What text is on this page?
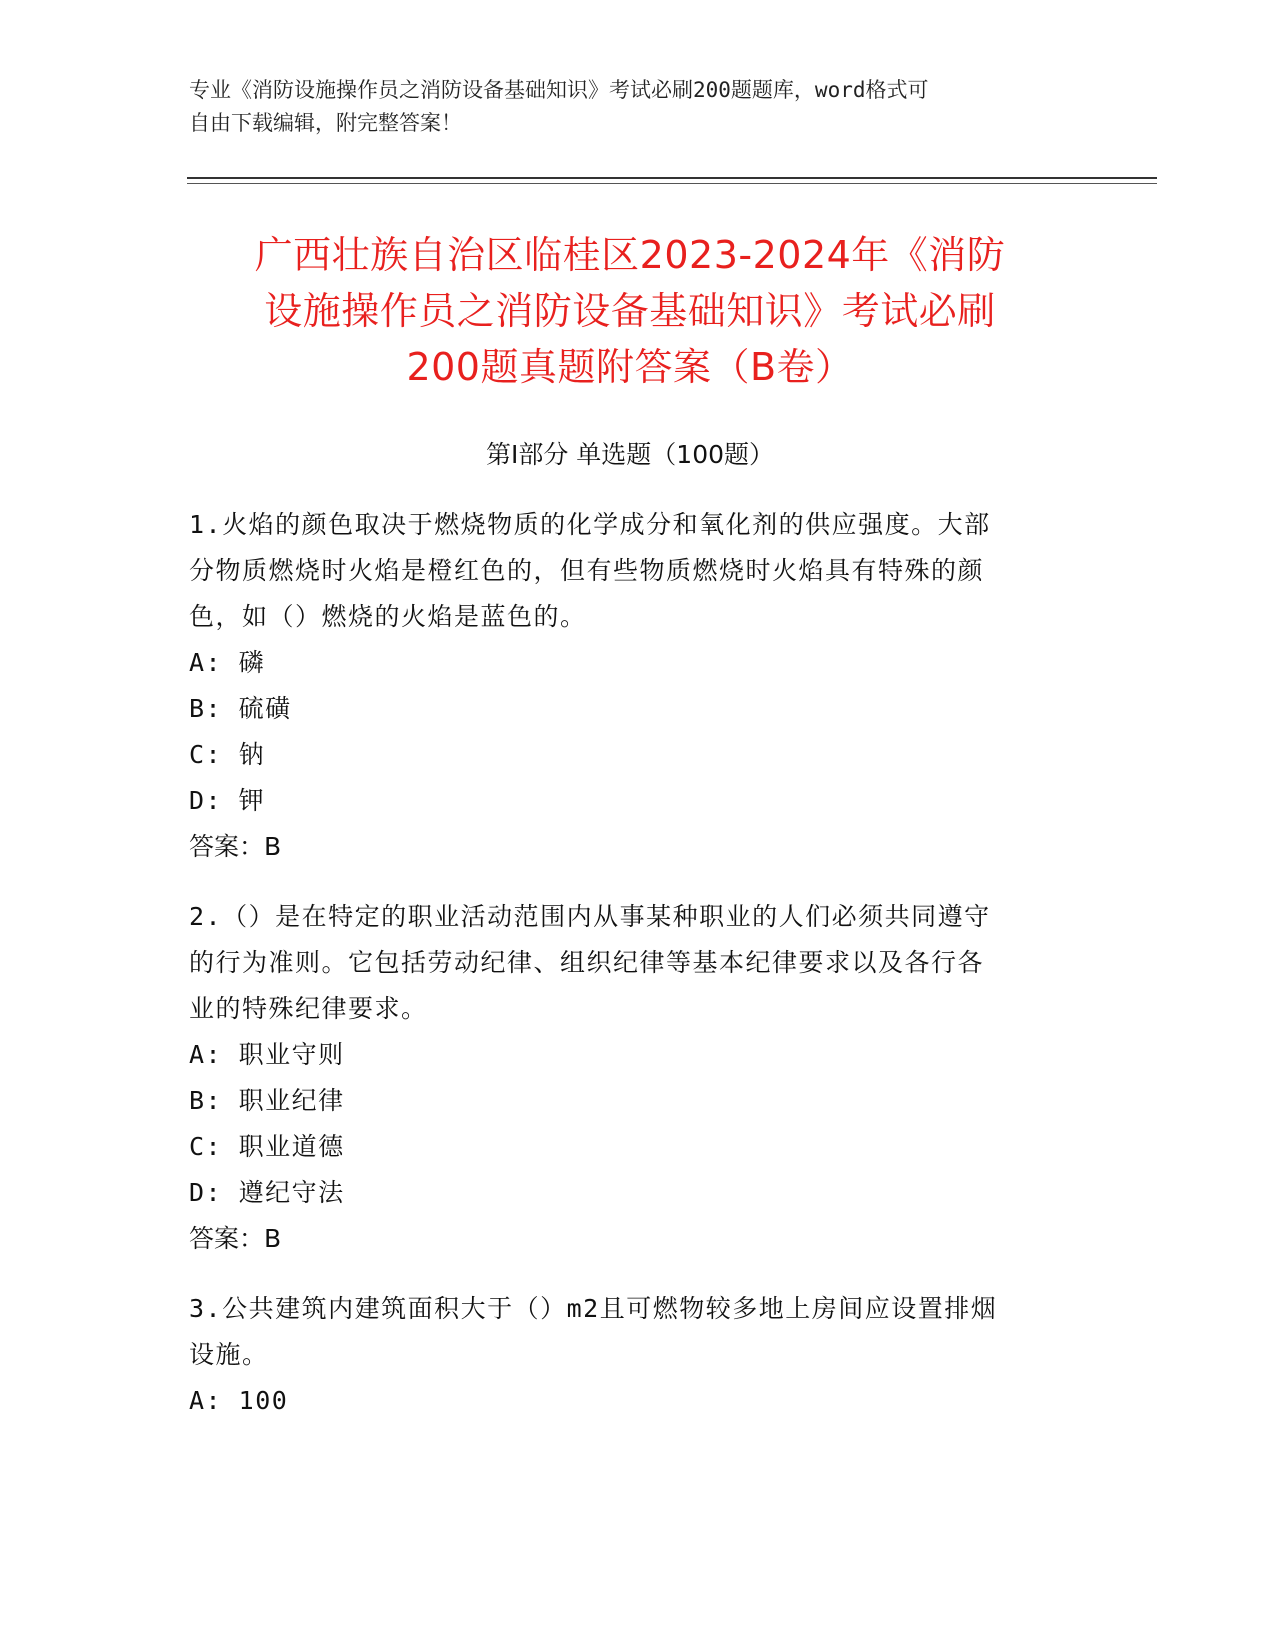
专业《消防设施操作员之消防设备基础知识》考试必刷200题题库，word格式可
自由下载编辑，附完整答案！
广西壮族自治区临桂区2023-2024年《消防
设施操作员之消防设备基础知识》考试必刷
200题真题附答案（B卷）
第Ⅰ部分 单选题（100题）
1.火焰的颜色取决于燃烧物质的化学成分和氧化剂的供应强度。大部
分物质燃烧时火焰是橙红色的，但有些物质燃烧时火焰具有特殊的颜
色，如（）燃烧的火焰是蓝色的。
A: 磷
B: 硫磺
C: 钠
D: 钾
答案：B
2.（）是在特定的职业活动范围内从事某种职业的人们必须共同遵守
的行为准则。它包括劳动纪律、组织纪律等基本纪律要求以及各行各
业的特殊纪律要求。
A: 职业守则
B: 职业纪律
C: 职业道德
D: 遵纪守法
答案：B
3.公共建筑内建筑面积大于（）m2且可燃物较多地上房间应设置排烟
设施。
A: 100
